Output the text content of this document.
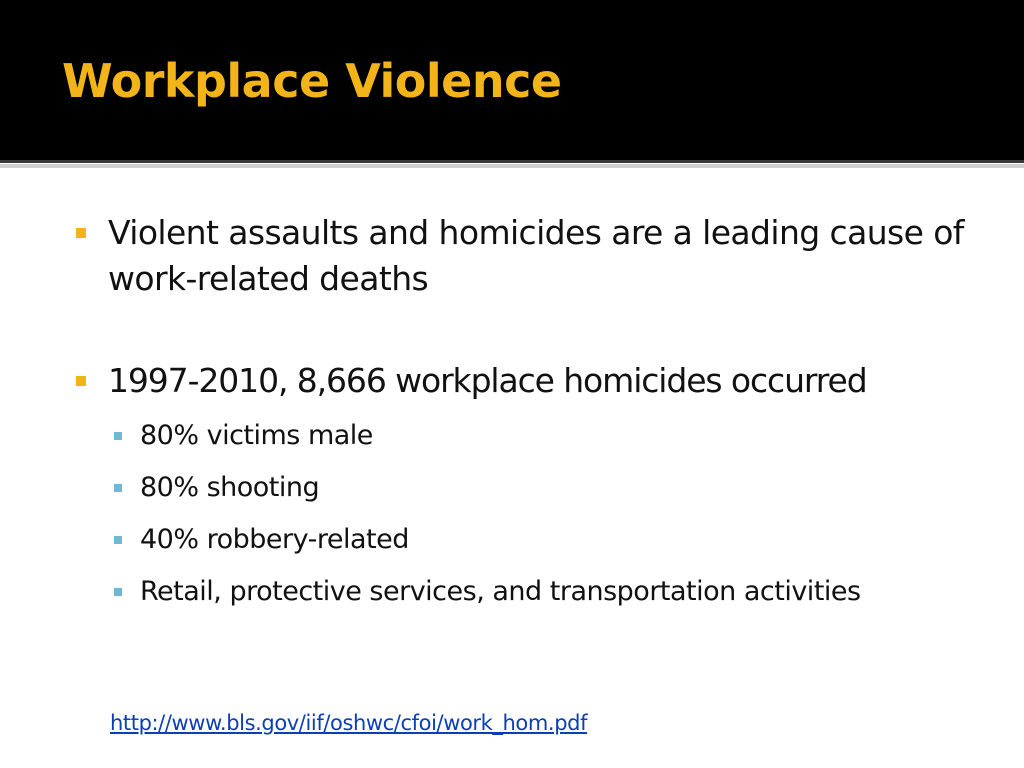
Workplace Violence
Violent assaults and homicides are a leading cause of work-related deaths
1997-2010, 8,666 workplace homicides occurred
80% victims male
80% shooting
40% robbery-related
Retail, protective services, and transportation activities
http://www.bls.gov/iif/oshwc/cfoi/work_hom.pdf
